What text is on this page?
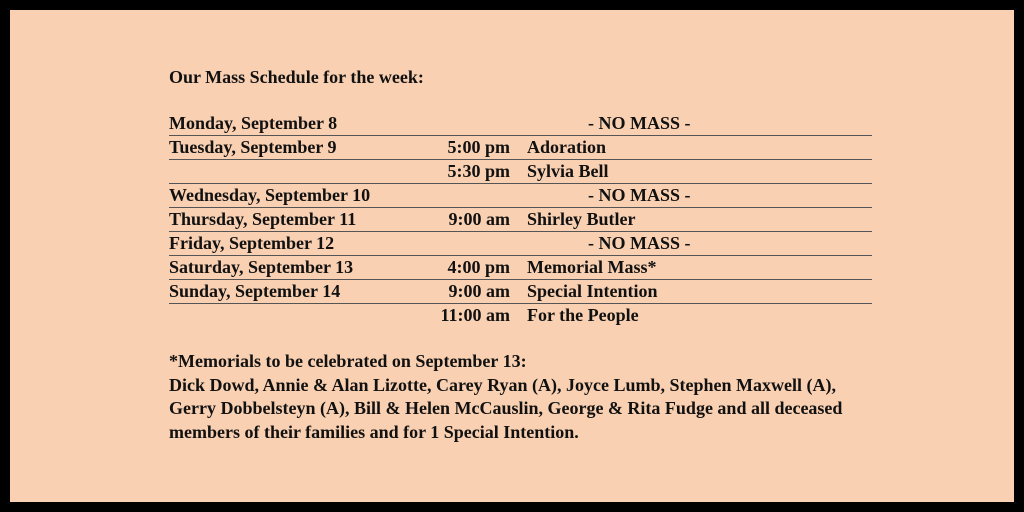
Our Mass Schedule for the week:
Monday, September 8	- NO MASS -
Tuesday, September 9	5:00 pm Adoration
5:30 pm Sylvia Bell
Wednesday, September 10	- NO MASS -
Thursday, September 11	9:00 am Shirley Butler
Friday, September 12	- NO MASS -
Saturday, September 13	4:00 pm Memorial Mass*
Sunday, September 14	9:00 am Special Intention
11:00 am For the People

*Memorials to be celebrated on September 13:

Dick Dowd, Annie & Alan Lizotte, Carey Ryan (A), Joyce Lumb, Stephen Maxwell (A), Gerry Dobbelsteyn (A), Bill & Helen McCauslin, George & Rita Fudge and all deceased members of their families and for 1 Special Intention.
